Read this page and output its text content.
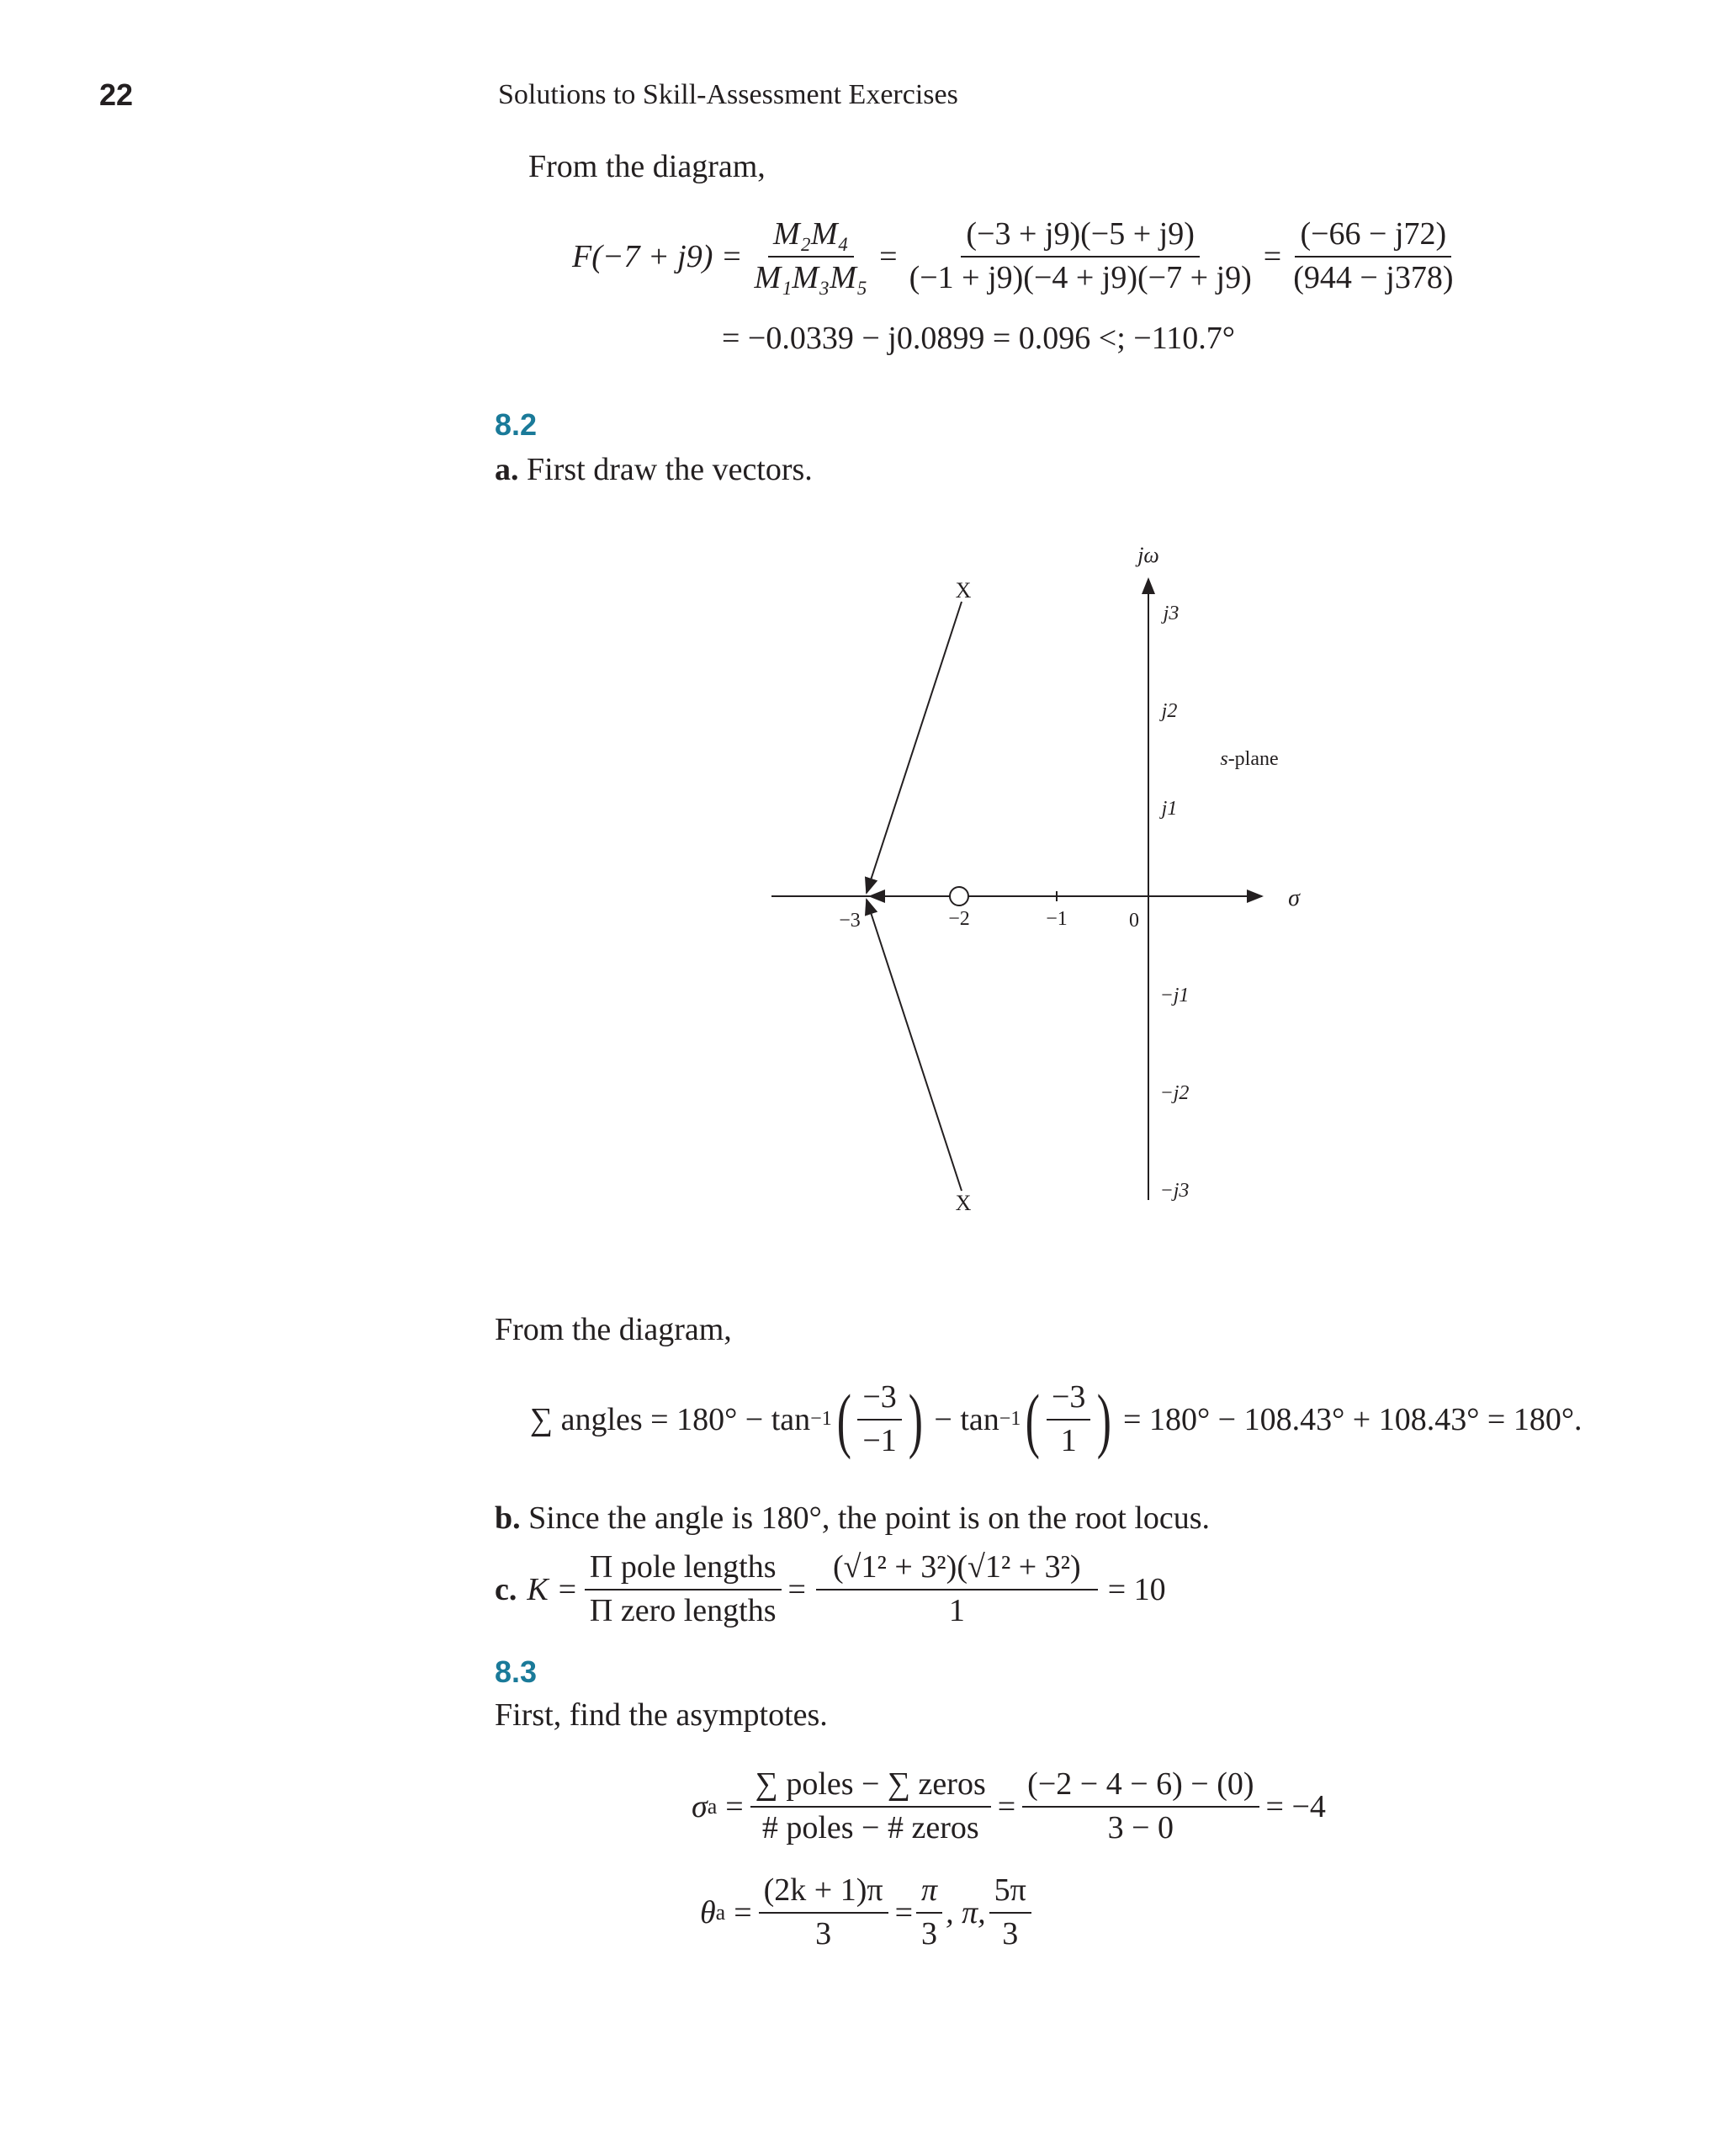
22	Solutions to Skill-Assessment Exercises
From the diagram,
$F(-7 + j9) = \frac{\text{M₂M₄}}{\text{M₁M₃M₅}} = \frac{(-3 + j9)(-5 + j9)}{(-1 + j9)(-4 + j9)(-7 + j9)} = \frac{(-66 - j72)}{(944 - j378)}$
= −0.0339 − j0.0899 = 0.096 <; −110.7°
8.2
a. First draw the vectors.
X
X
jω
σ
s-plane
j3
j2
j1
−j1
−j2
−j3
−3	−2	−1	0
From the diagram,
∑ angles = 180° − tan −1 ( $\frac{-3}{-1}$ ) − tan −1 ( $\frac{-3}{1}$ ) = 180° − 108.43° + 108.43° = 180°.
b. Since the angle is 180°, the point is on the root locus.
c. $K = \frac{\text{Π pole lengths}}{\text{Π zero lengths}} = \frac{\text{(√1² + 3²)(√1² + 3²)}}{1} = 10$
8.3
First, find the asymptotes.
σ $a = \frac{\text{∑ poles − ∑ zeros}}{\text{\# poles − \# zeros}} = \frac{(-2 - 4 - 6) - (0)}{3 - 0} = -4$
θ $a = \frac{(2k + 1)\pi}{3} = \frac{\pi}{3}$ , π, $\frac{5\pi}{3}$
